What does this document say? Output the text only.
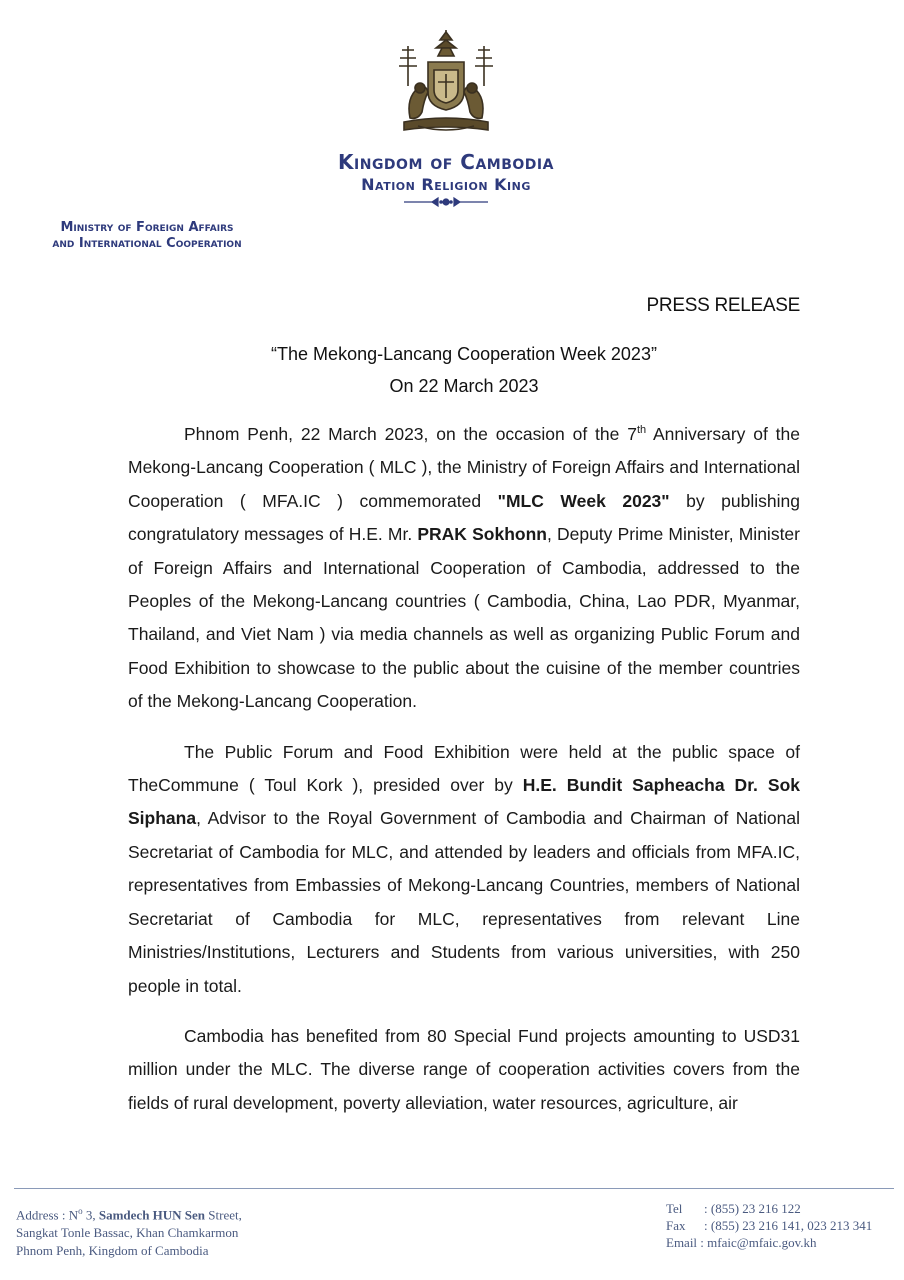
Kingdom of Cambodia
Nation Religion King
Ministry of Foreign Affairs
and International Cooperation
PRESS RELEASE
“The Mekong-Lancang Cooperation Week 2023”
On 22 March 2023

Phnom Penh, 22 March 2023, on the occasion of the 7th Anniversary of the Mekong-Lancang Cooperation ( MLC ), the Ministry of Foreign Affairs and International Cooperation ( MFA.IC ) commemorated "MLC Week 2023" by publishing congratulatory messages of H.E. Mr. PRAK Sokhonn, Deputy Prime Minister, Minister of Foreign Affairs and International Cooperation of Cambodia, addressed to the Peoples of the Mekong-Lancang countries ( Cambodia, China, Lao PDR, Myanmar, Thailand, and Viet Nam ) via media channels as well as organizing Public Forum and Food Exhibition to showcase to the public about the cuisine of the member countries of the Mekong-Lancang Cooperation.

The Public Forum and Food Exhibition were held at the public space of TheCommune ( Toul Kork ), presided over by H.E. Bundit Sapheacha Dr. Sok Siphana, Advisor to the Royal Government of Cambodia and Chairman of National Secretariat of Cambodia for MLC, and attended by leaders and officials from MFA.IC, representatives from Embassies of Mekong-Lancang Countries, members of National Secretariat of Cambodia for MLC, representatives from relevant Line Ministries/Institutions, Lecturers and Students from various universities, with 250 people in total.

Cambodia has benefited from 80 Special Fund projects amounting to USD31 million under the MLC. The diverse range of cooperation activities covers from the fields of rural development, poverty alleviation, water resources, agriculture, air

Address : $N^o$ 3, Samdech HUN Sen Street,
Sangkat Tonle Bassac, Khan Chamkarmon
Phnom Penh, Kingdom of Cambodia
Tel : (855) 23 216 122
Fax : (855) 23 216 141, 023 213 341
Email : mfaic@mfaic.gov.kh
